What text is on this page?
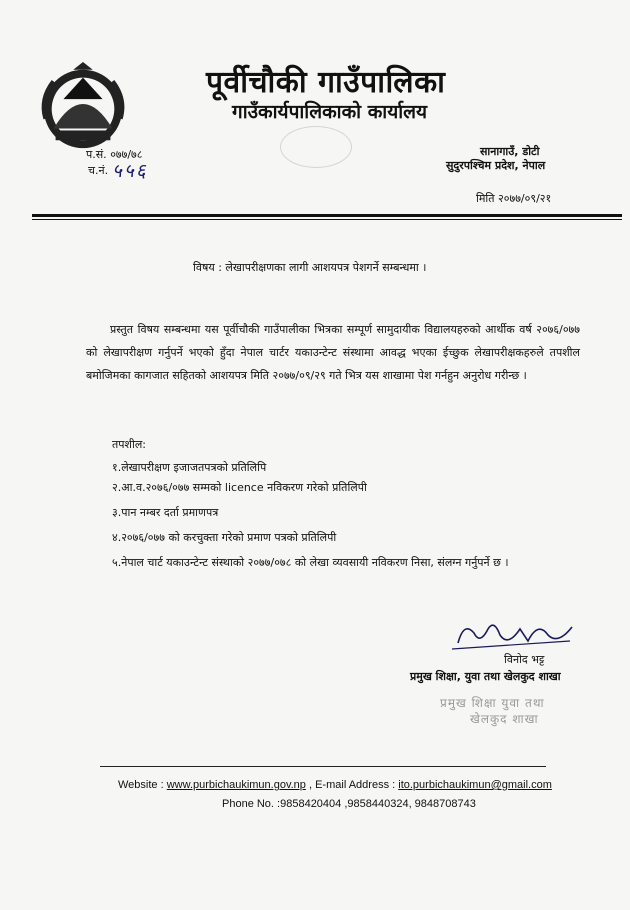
पूर्वीचौकी गाउँपालिका
गाउँकार्यपालिकाको कार्यालय
प.सं. ०७७/७८
च.नं. ५५६
सानागाउँ, डोटी
सुदुरपश्चिम प्रदेश, नेपाल
मिति २०७७/०९/२१
विषय : लेखापरीक्षणका लागी आशयपत्र पेशगर्ने सम्बन्धमा ।
प्रस्तुत विषय सम्बन्धमा यस पूर्वीचौकी गाउँपालीका भित्रका सम्पूर्ण सामुदायीक विद्यालयहरुको आर्थीक वर्ष २०७६/०७७ को लेखापरीक्षण गर्नुपर्ने भएको हुँदा नेपाल चार्टर यकाउन्टेन्ट संस्थामा आवद्ध भएका ईच्छुक लेखापरीक्षकहरुले तपशील बमोजिमका कागजात सहितको आशयपत्र मिति २०७७/०९/२९ गते भित्र यस शाखामा पेश गर्नहुन अनुरोध गरीन्छ ।
तपशील:
१.लेखापरीक्षण इजाजतपत्रको प्रतिलिपि
२.आ.व.२०७६/०७७ सम्मको licence नविकरण गरेको प्रतिलिपी
३.पान नम्बर दर्ता प्रमाणपत्र
४.२०७६/०७७ को करचुक्ता गरेको प्रमाण पत्रको प्रतिलिपी
५.नेपाल चार्ट यकाउन्टेन्ट संस्थाको २०७७/०७८ को लेखा व्यवसायी नविकरण निसा, संलग्न गर्नुपर्ने छ ।
विनोद भट्ट
प्रमुख शिक्षा, युवा तथा खेलकुद शाखा
प्रमुख शिक्षा युवा तथा
खेलकुद शाखा
Website : www.purbichaukimun.gov.np , E-mail Address : ito.purbichaukimun@gmail.com
Phone No. :9858420404 ,9858440324, 9848708743
